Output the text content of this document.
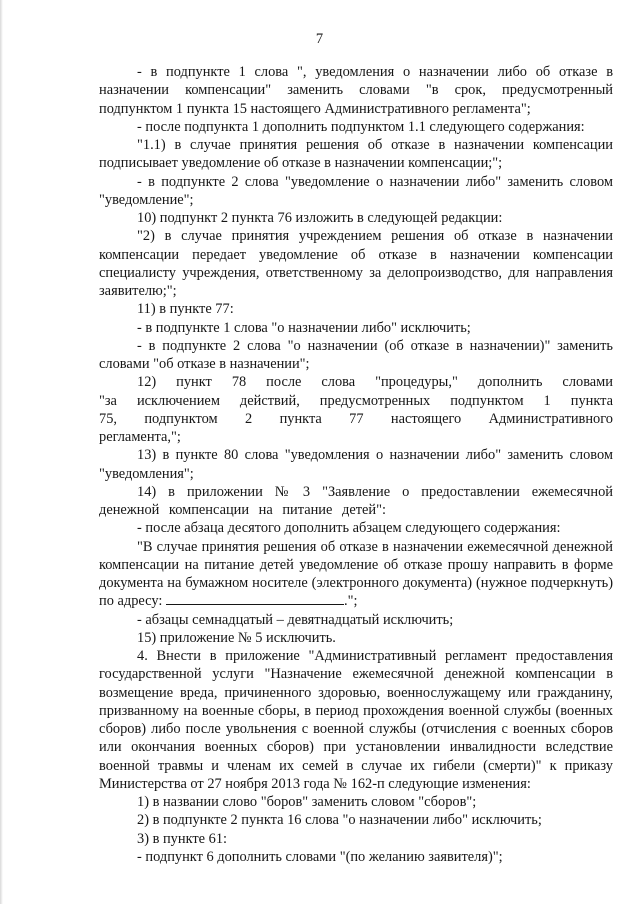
7

- в подпункте 1 слова ", уведомления о назначении либо об отказе в назначении компенсации" заменить словами "в срок, предусмотренный подпунктом 1 пункта 15 настоящего Административного регламента";

- после подпункта 1 дополнить подпунктом 1.1 следующего содержания:

"1.1) в случае принятия решения об отказе в назначении компенсации подписывает уведомление об отказе в назначении компенсации;";

- в подпункте 2 слова "уведомление о назначении либо" заменить словом "уведомление";

10) подпункт 2 пункта 76 изложить в следующей редакции:

"2) в случае принятия учреждением решения об отказе в назначении компенсации передает уведомление об отказе в назначении компенсации специалисту учреждения, ответственному за делопроизводство, для направления заявителю;";

11) в пункте 77:

- в подпункте 1 слова "о назначении либо" исключить;

- в подпункте 2 слова "о назначении (об отказе в назначении)" заменить словами "об отказе в назначении";

12) пункт 78 после слова "процедуры," дополнить словами "за исключением действий, предусмотренных подпунктом 1 пункта 75, подпунктом 2 пункта 77 настоящего Административного регламента,";

13) в пункте 80 слова "уведомления о назначении либо" заменить словом "уведомления";

14) в приложении № 3 "Заявление о предоставлении ежемесячной денежной компенсации на питание детей":

- после абзаца десятого дополнить абзацем следующего содержания:

"В случае принятия решения об отказе в назначении ежемесячной денежной компенсации на питание детей уведомление об отказе прошу направить в форме документа на бумажном носителе (электронного документа) (нужное подчеркнуть) по адресу:	.";

- абзацы семнадцатый – девятнадцатый исключить;

15) приложение № 5 исключить.

4. Внести в приложение "Административный регламент предоставления государственной услуги "Назначение ежемесячной денежной компенсации в возмещение вреда, причиненного здоровью, военнослужащему или гражданину, призванному на военные сборы, в период прохождения военной службы (военных сборов) либо после увольнения с военной службы (отчисления с военных сборов или окончания военных сборов) при установлении инвалидности вследствие военной травмы и членам их семей в случае их гибели (смерти)" к приказу Министерства от 27 ноября 2013 года № 162-п следующие изменения:

1) в названии слово "боров" заменить словом "сборов";

2) в подпункте 2 пункта 16 слова "о назначении либо" исключить;

3) в пункте 61:

- подпункт 6 дополнить словами "(по желанию заявителя)";
